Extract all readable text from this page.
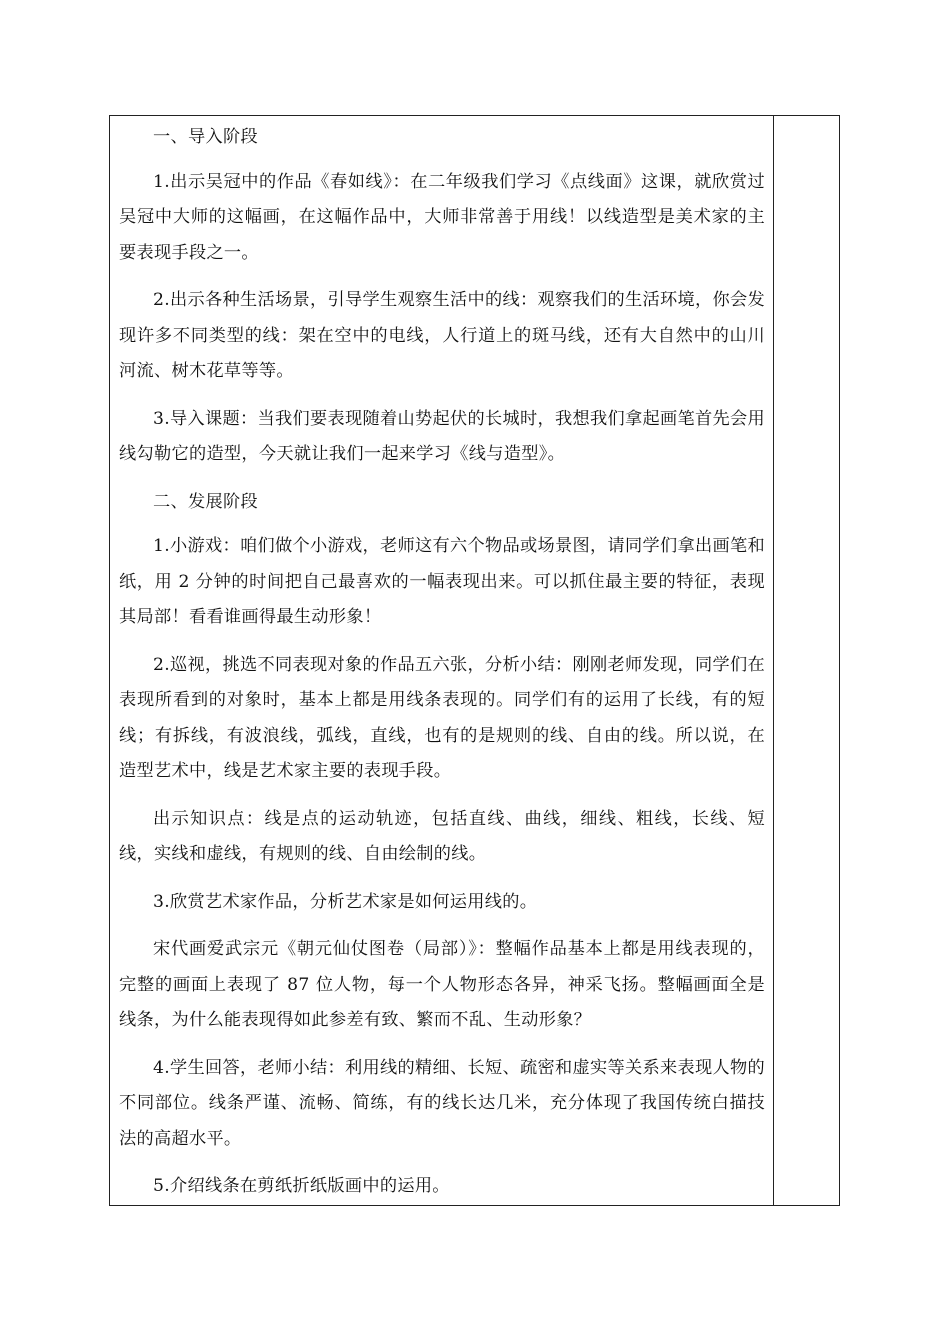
一、导入阶段

1.出示吴冠中的作品《春如线》：在二年级我们学习《点线面》这课，就欣赏过吴冠中大师的这幅画，在这幅作品中，大师非常善于用线！以线造型是美术家的主要表现手段之一。

2.出示各种生活场景，引导学生观察生活中的线：观察我们的生活环境，你会发现许多不同类型的线：架在空中的电线，人行道上的斑马线，还有大自然中的山川河流、树木花草等等。

3.导入课题：当我们要表现随着山势起伏的长城时，我想我们拿起画笔首先会用线勾勒它的造型，今天就让我们一起来学习《线与造型》。

二、发展阶段

1.小游戏：咱们做个小游戏，老师这有六个物品或场景图，请同学们拿出画笔和纸，用 2 分钟的时间把自己最喜欢的一幅表现出来。可以抓住最主要的特征，表现其局部！看看谁画得最生动形象！

2.巡视，挑选不同表现对象的作品五六张，分析小结：刚刚老师发现，同学们在表现所看到的对象时，基本上都是用线条表现的。同学们有的运用了长线，有的短线；有拆线，有波浪线，弧线，直线，也有的是规则的线、自由的线。所以说，在造型艺术中，线是艺术家主要的表现手段。

出示知识点：线是点的运动轨迹，包括直线、曲线，细线、粗线，长线、短线，实线和虚线，有规则的线、自由绘制的线。

3.欣赏艺术家作品，分析艺术家是如何运用线的。

宋代画爱武宗元《朝元仙仗图卷（局部）》：整幅作品基本上都是用线表现的，完整的画面上表现了 87 位人物，每一个人物形态各异，神采飞扬。整幅画面全是线条，为什么能表现得如此参差有致、繁而不乱、生动形象？

4.学生回答，老师小结：利用线的精细、长短、疏密和虚实等关系来表现人物的不同部位。线条严谨、流畅、简练，有的线长达几米，充分体现了我国传统白描技法的高超水平。

5.介绍线条在剪纸折纸版画中的运用。
